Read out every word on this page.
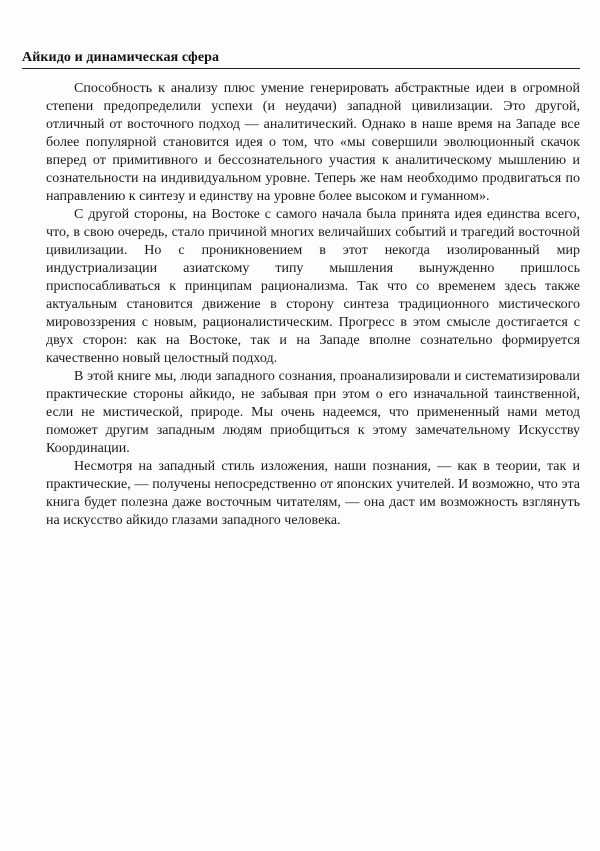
Айкидо и динамическая сфера

Способность к анализу плюс умение генерировать абстрактные идеи в огромной степени предопределили успехи (и неудачи) западной цивилизации. Это другой, отличный от восточного подход — аналитический. Однако в наше время на Западе все более популярной становится идея о том, что «мы совершили эволюционный скачок вперед от примитивного и бессознательного участия к аналитическому мышлению и сознательности на индивидуальном уровне. Теперь же нам необходимо продвигаться по направлению к синтезу и единству на уровне более высоком и гуманном».

С другой стороны, на Востоке с самого начала была принята идея единства всего, что, в свою очередь, стало причиной многих величайших событий и трагедий восточной цивилизации. Но с проникновением в этот некогда изолированный мир индустриализации азиатскому типу мышления вынужденно пришлось приспосабливаться к принципам рационализма. Так что со временем здесь также актуальным становится движение в сторону синтеза традиционного мистического мировоззрения с новым, рационалистическим. Прогресс в этом смысле достигается с двух сторон: как на Востоке, так и на Западе вполне сознательно формируется качественно новый целостный подход.

В этой книге мы, люди западного сознания, проанализировали и систематизировали практические стороны айкидо, не забывая при этом о его изначальной таинственной, если не мистической, природе. Мы очень надеемся, что примененный нами метод поможет другим западным людям приобщиться к этому замечательному Искусству Координации.

Несмотря на западный стиль изложения, наши познания, — как в теории, так и практические, — получены непосредственно от японских учителей. И возможно, что эта книга будет полезна даже восточным читателям, — она даст им возможность взглянуть на искусство айкидо глазами западного человека.
